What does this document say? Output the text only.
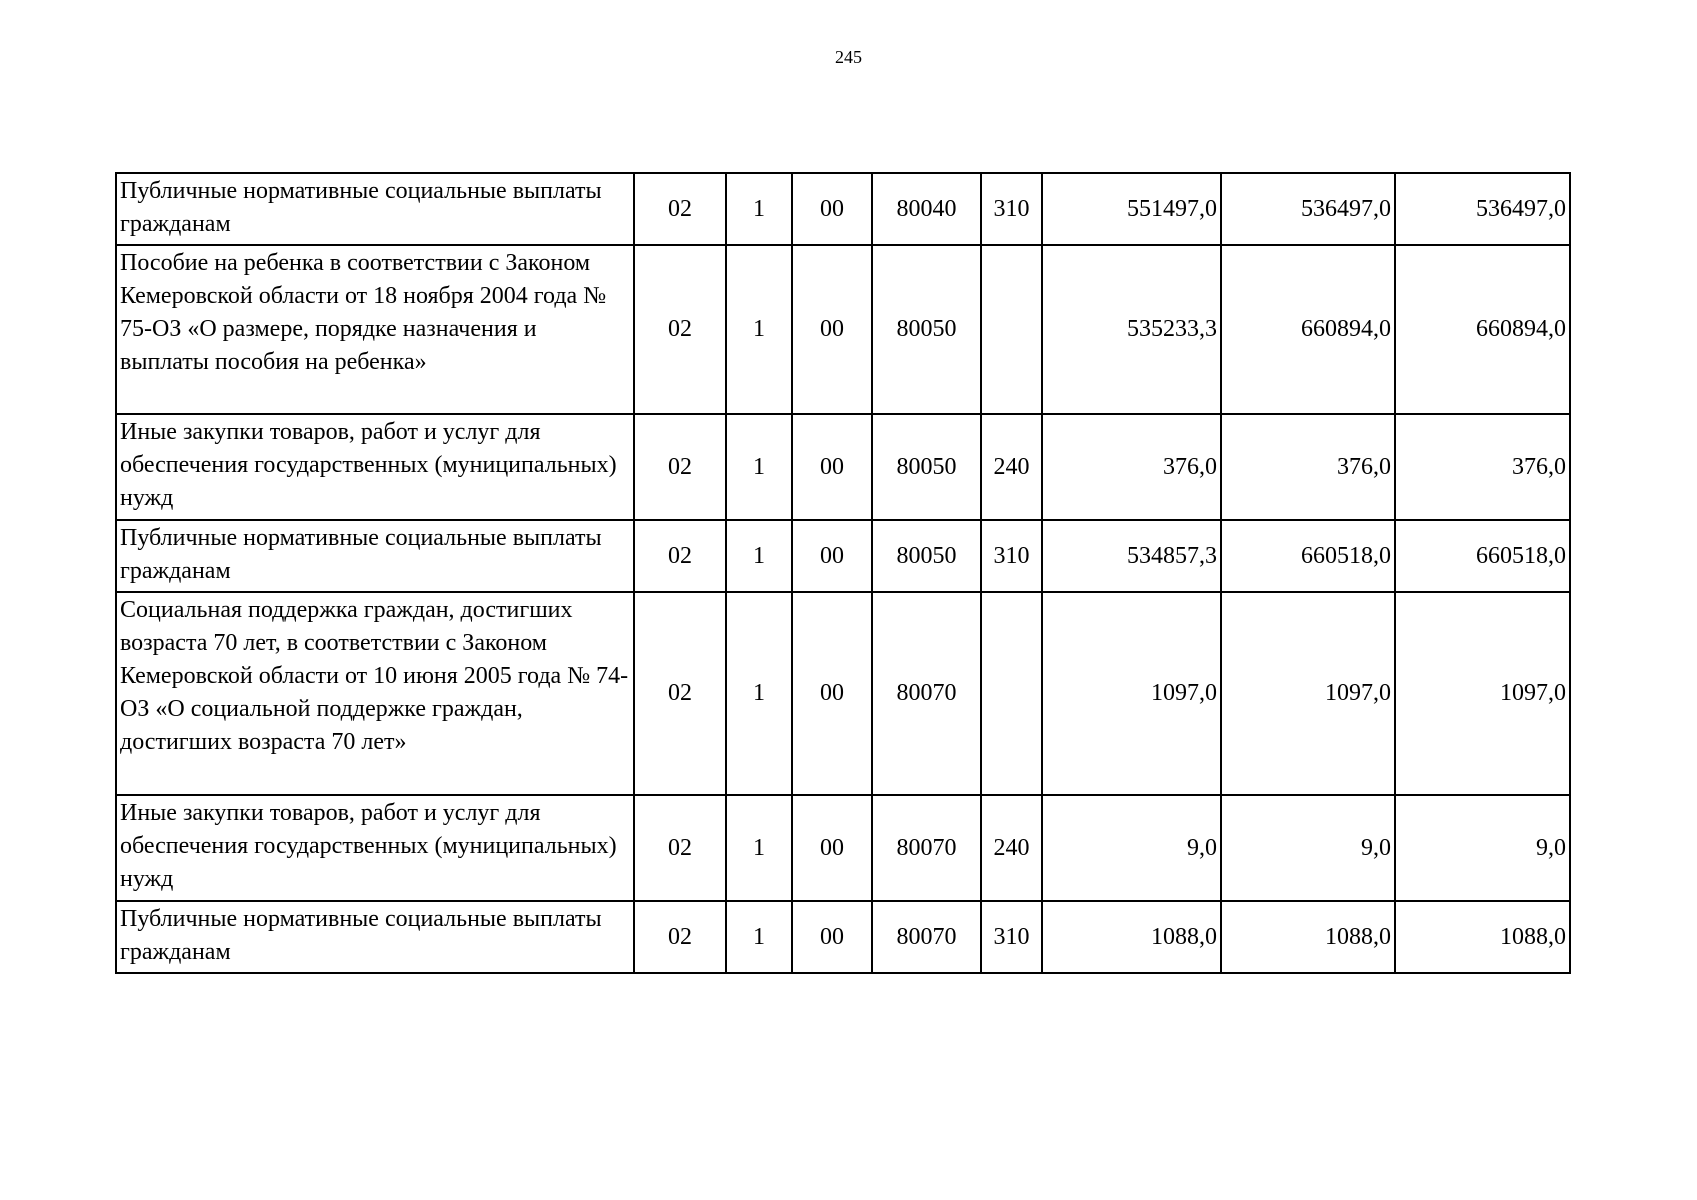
245
Публичные нормативные социальные выплаты гражданам	02	1	00	80040	310	551497,0	536497,0	536497,0
Пособие на ребенка в соответствии с Законом Кемеровской области от 18 ноября 2004 года № 75-ОЗ «О размере, порядке назначения и выплаты пособия на ребенка»	02	1	00	80050		535233,3	660894,0	660894,0
Иные закупки товаров, работ и услуг для обеспечения государственных (муниципальных) нужд	02	1	00	80050	240	376,0	376,0	376,0
Публичные нормативные социальные выплаты гражданам	02	1	00	80050	310	534857,3	660518,0	660518,0
Социальная поддержка граждан, достигших возраста 70 лет, в соответствии с Законом Кемеровской области от 10 июня 2005 года № 74-ОЗ «О социальной поддержке граждан, достигших возраста 70 лет»	02	1	00	80070		1097,0	1097,0	1097,0
Иные закупки товаров, работ и услуг для обеспечения государственных (муниципальных) нужд	02	1	00	80070	240	9,0	9,0	9,0
Публичные нормативные социальные выплаты гражданам	02	1	00	80070	310	1088,0	1088,0	1088,0
